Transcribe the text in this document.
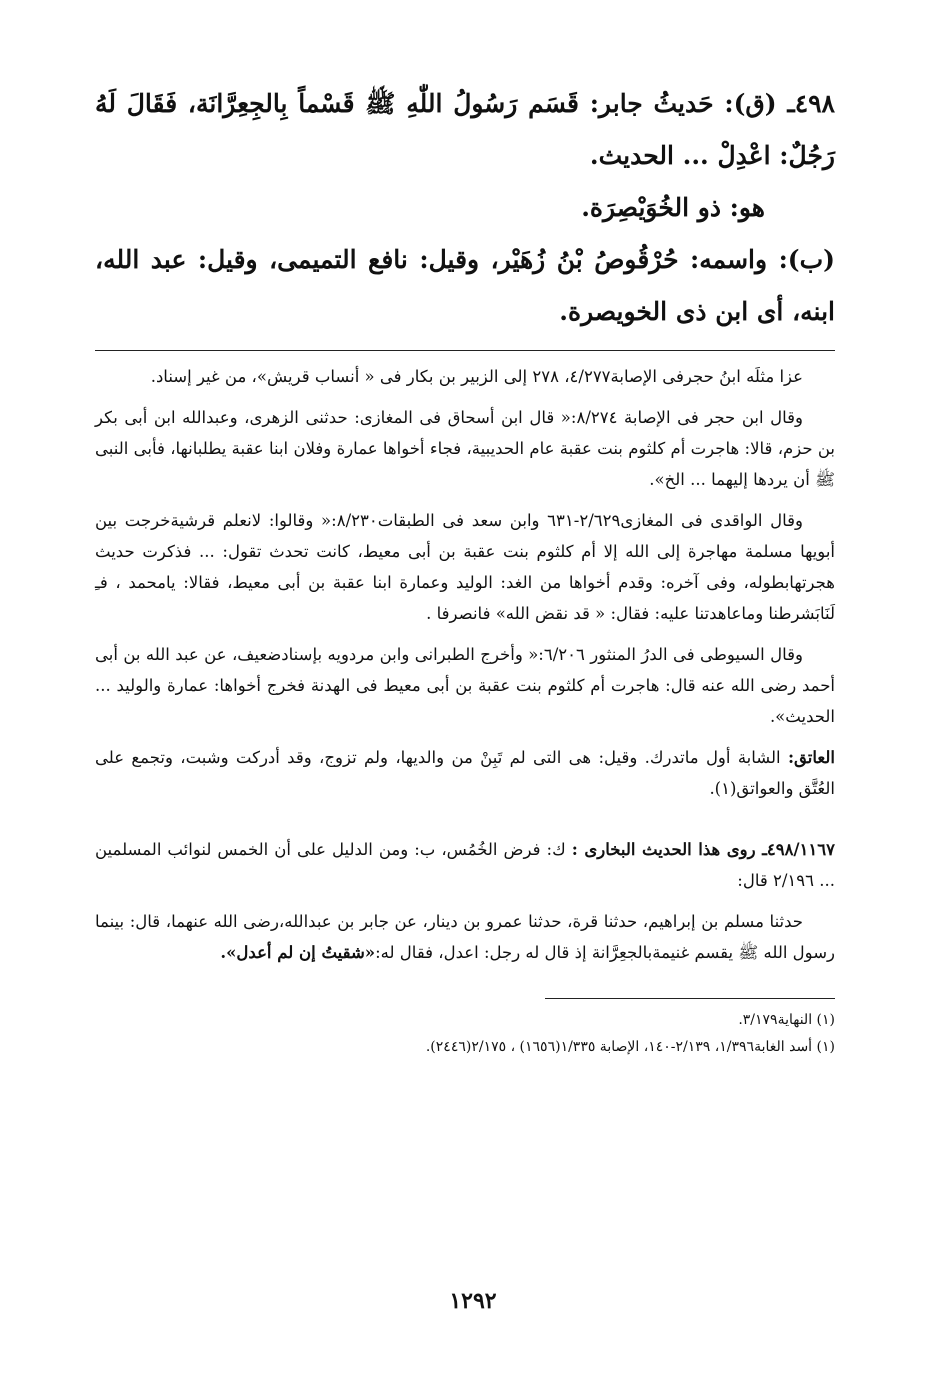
٤٩٨ـ (ق): حَديثُ جابر: قَسَم رَسُولُ اللّٰهِ ﷺ قَسْماً بِالجِعِرَّانَة، فَقَالَ لَهُ رَجُلٌ: اعْدِلْ ... الحديث.

هو: ذو الخُوَيْصِرَة.

(ب): واسمه: حُرْقُوصُ بْنُ زُهَيْر، وقيل: نافع التميمى، وقيل: عبد الله، ابنه، أى ابن ذى الخويصرة.

عزا مثلَه ابنُ حجرفى الإصابة٤/٢٧٧، ٢٧٨ إلى الزبير بن بكار فى « أنساب قريش»، من غير إسناد.

وقال ابن حجر فى الإصابة ٨/٢٧٤:« قال ابن أسحاق فى المغازى: حدثنى الزهرى، وعبدالله ابن أبى بكر بن حزم، قالا: هاجرت أم كلثوم بنت عقبة عام الحديبية، فجاء أخواها عمارة وفلان ابنا عقبة يطلبانها، فأبى النبى ﷺ أن يردها إليهما ... الخ».

وقال الواقدى فى المغازى٢/٦٢٩-٦٣١ وابن سعد فى الطبقات٨/٢٣٠:« وقالوا: لانعلم قرشيةخرجت بين أبويها مسلمة مهاجرة إلى الله إلا أم كلثوم بنت عقبة بن أبى معيط، كانت تحدث تقول: ... فذكرت حديث هجرتهابطوله، وفى آخره: وقدم أخواها من الغد: الوليد وعمارة ابنا عقبة بن أبى معيط، فقالا: يامحمد ، فـِ لَنَابَشرطنا وماعاهدتنا عليه: فقال: « قد نقض الله» فانصرفا .

وقال السيوطى فى الدرُ المنثور ٦/٢٠٦:« وأخرج الطبرانى وابن مردويه بإسنادضعيف، عن عبد الله بن أبى أحمد رضى الله عنه قال: هاجرت أم كلثوم بنت عقبة بن أبى معيط فى الهدنة فخرج أخواها: عمارة والوليد ... الحديث».

العاتق: الشابة أول ماتدرك. وقيل: هى التى لم تَبِنْ من والديها، ولم تزوج، وقد أدركت وشبت، وتجمع على العُتَّق والعواتق(١).

٤٩٨/١١٦٧ـ روى هذا الحديث البخارى : ك: فرض الخُمُس، ب: ومن الدليل على أن الخمس لنوائب المسلمين ... ٢/١٩٦ قال:

حدثنا مسلم بن إبراهيم، حدثنا قرة، حدثنا عمرو بن دينار، عن جابر بن عبدالله،رضى الله عنهما، قال: بينما رسول الله ﷺ يقسم غنيمةبالجعِرَّانة إذ قال له رجل: اعدل، فقال له:«شقيتُ إن لم أعدل».

(١) النهاية٣/١٧٩.
(١) أسد الغابة١/٣٩٦، ٢/١٣٩-١٤٠، الإصابة ١/٣٣٥(١٦٥٦) ، ٢/١٧٥(٢٤٤٦).
١٢٩٢
